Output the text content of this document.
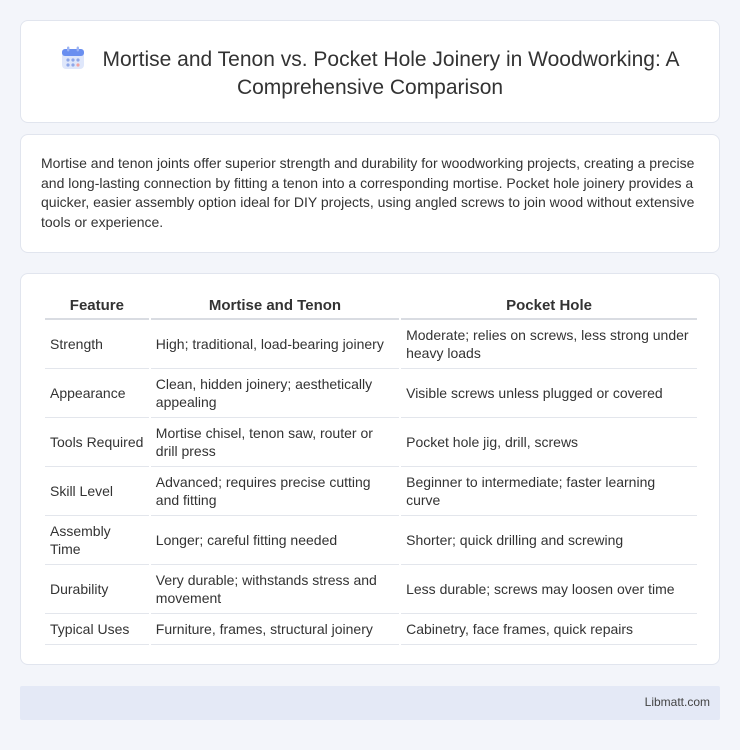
Mortise and Tenon vs. Pocket Hole Joinery in Woodworking: A Comprehensive Comparison

Mortise and tenon joints offer superior strength and durability for woodworking projects, creating a precise and long-lasting connection by fitting a tenon into a corresponding mortise. Pocket hole joinery provides a quicker, easier assembly option ideal for DIY projects, using angled screws to join wood without extensive tools or experience.

Feature	Mortise and Tenon	Pocket Hole
Strength	High; traditional, load-bearing joinery	Moderate; relies on screws, less strong under heavy loads
Appearance	Clean, hidden joinery; aesthetically appealing	Visible screws unless plugged or covered
Tools Required	Mortise chisel, tenon saw, router or drill press	Pocket hole jig, drill, screws
Skill Level	Advanced; requires precise cutting and fitting	Beginner to intermediate; faster learning curve
Assembly Time	Longer; careful fitting needed	Shorter; quick drilling and screwing
Durability	Very durable; withstands stress and movement	Less durable; screws may loosen over time
Typical Uses	Furniture, frames, structural joinery	Cabinetry, face frames, quick repairs
Libmatt.com
